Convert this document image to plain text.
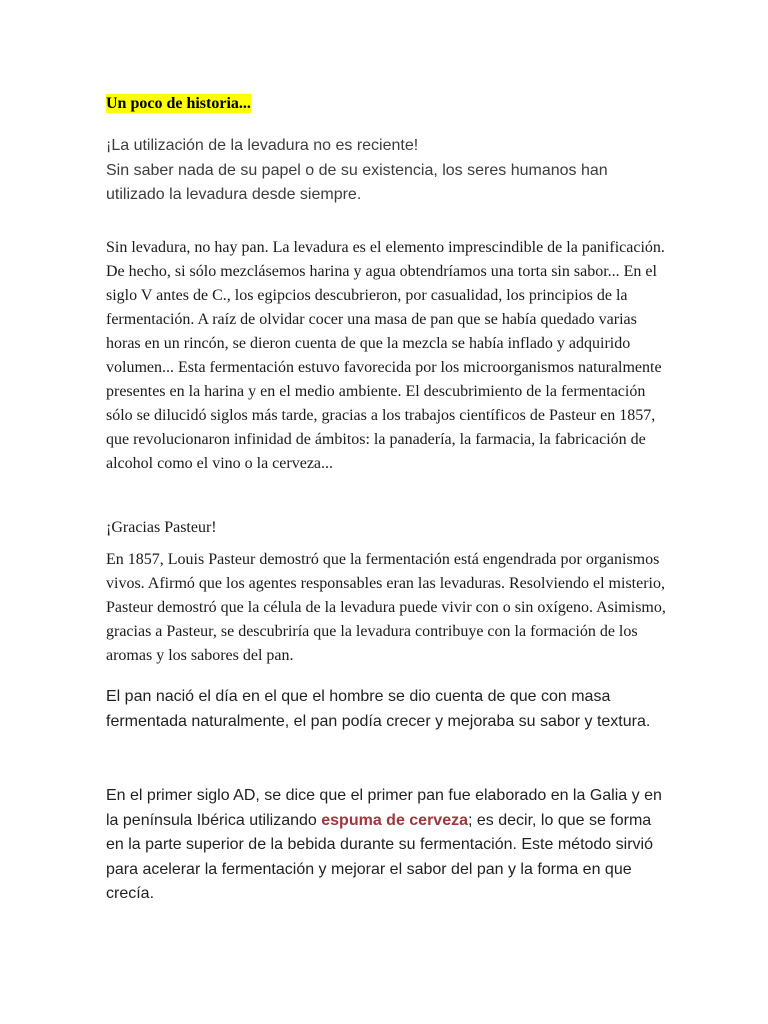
Un poco de historia...

¡La utilización de la levadura no es reciente!

Sin saber nada de su papel o de su existencia, los seres humanos han utilizado la levadura desde siempre.

Sin levadura, no hay pan. La levadura es el elemento imprescindible de la panificación. De hecho, si sólo mezclásemos harina y agua obtendríamos una torta sin sabor... En el siglo V antes de C., los egipcios descubrieron, por casualidad, los principios de la fermentación. A raíz de olvidar cocer una masa de pan que se había quedado varias horas en un rincón, se dieron cuenta de que la mezcla se había inflado y adquirido volumen... Esta fermentación estuvo favorecida por los microorganismos naturalmente presentes en la harina y en el medio ambiente. El descubrimiento de la fermentación sólo se dilucidó siglos más tarde, gracias a los trabajos científicos de Pasteur en 1857, que revolucionaron infinidad de ámbitos: la panadería, la farmacia, la fabricación de alcohol como el vino o la cerveza...

¡Gracias Pasteur!

En 1857, Louis Pasteur demostró que la fermentación está engendrada por organismos vivos. Afirmó que los agentes responsables eran las levaduras. Resolviendo el misterio, Pasteur demostró que la célula de la levadura puede vivir con o sin oxígeno. Asimismo, gracias a Pasteur, se descubriría que la levadura contribuye con la formación de los aromas y los sabores del pan.

El pan nació el día en el que el hombre se dio cuenta de que con masa fermentada naturalmente, el pan podía crecer y mejoraba su sabor y textura.

En el primer siglo AD, se dice que el primer pan fue elaborado en la Galia y en la península Ibérica utilizando espuma de cerveza; es decir, lo que se forma en la parte superior de la bebida durante su fermentación. Este método sirvió para acelerar la fermentación y mejorar el sabor del pan y la forma en que crecía.
